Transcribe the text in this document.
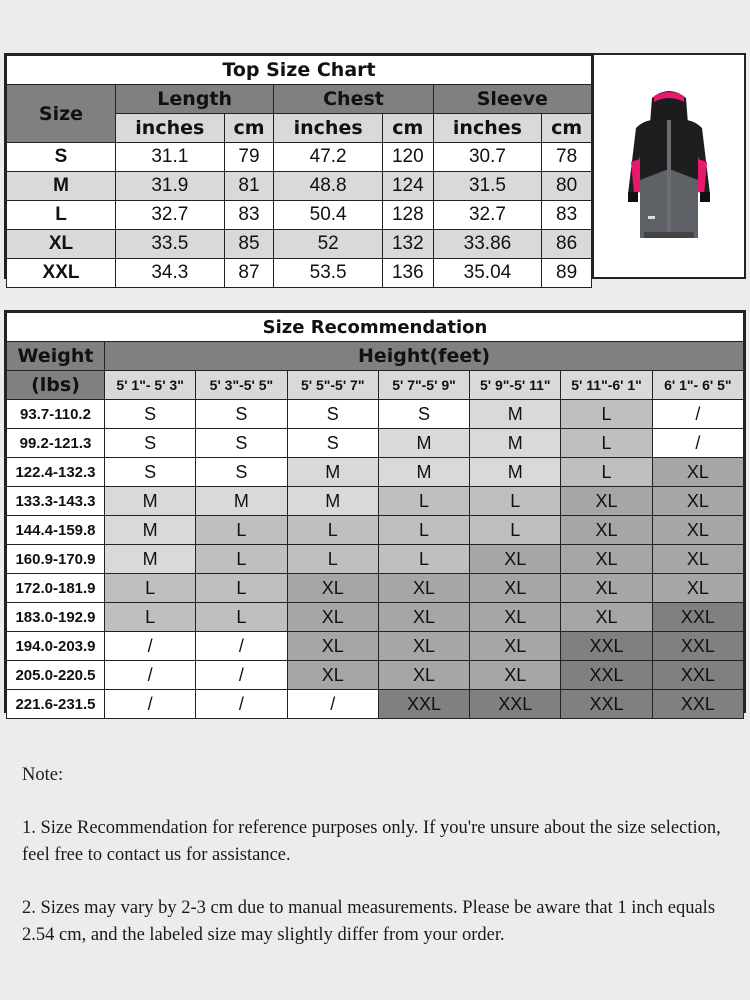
Top Size Chart						
Size	Length		Chest		Sleeve	
	inches	cm	inches	cm	inches	cm
S	31.1	79	47.2	120	30.7	78
M	31.9	81	48.8	124	31.5	80
L	32.7	83	50.4	128	32.7	83
XL	33.5	85	52	132	33.86	86
XXL	34.3	87	53.5	136	35.04	89
Size Recommendation							
Weight	Height(feet)						
(lbs)	5' 1"- 5' 3"	5' 3"-5' 5"	5' 5"-5' 7"	5' 7"-5' 9"	5' 9"-5' 11"	5' 11"-6' 1"	6' 1"- 6' 5"
93.7-110.2	S	S	S	S	M	L	/
99.2-121.3	S	S	S	M	M	L	/
122.4-132.3	S	S	M	M	M	L	XL
133.3-143.3	M	M	M	L	L	XL	XL
144.4-159.8	M	L	L	L	L	XL	XL
160.9-170.9	M	L	L	L	XL	XL	XL
172.0-181.9	L	L	XL	XL	XL	XL	XL
183.0-192.9	L	L	XL	XL	XL	XL	XXL
194.0-203.9	/	/	XL	XL	XL	XXL	XXL
205.0-220.5	/	/	XL	XL	XL	XXL	XXL
221.6-231.5	/	/	/	XXL	XXL	XXL	XXL

Note:

1. Size Recommendation for reference purposes only. If you're unsure about the size selection, feel free to contact us for assistance.

2. Sizes may vary by 2-3 cm due to manual measurements. Please be aware that 1 inch equals 2.54 cm, and the labeled size may slightly differ from your order.
